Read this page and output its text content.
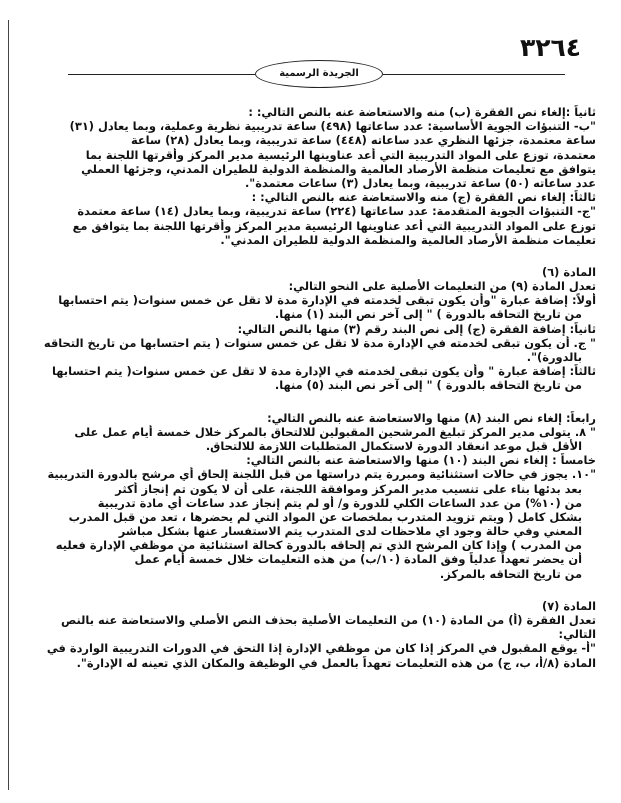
٣٢٦٤
الجريدة الرسمية
ثانياً :إلغاء نص الفقرة (ب) منه والاستعاضة عنه بالنص التالي: :
"ب- التنبؤات الجوية الأساسية: عدد ساعاتها (٤٩٨) ساعة تدريبية نظرية وعملية، وبما يعادل (٣١)
ساعة معتمدة، جزئها النظري عدد ساعاته (٤٤٨) ساعة تدريبية، وبما يعادل (٢٨) ساعة
معتمدة، توزع على المواد التدريبية التي أعد عناوينها الرئيسية مدير المركز وأقرتها اللجنة بما
يتوافق مع تعليمات منظمة الأرصاد العالمية والمنظمة الدولية للطيران المدني، وجزئها العملي
عدد ساعاته (٥٠) ساعة تدريبية، وبما يعادل (٣) ساعات معتمدة".
ثالثاً: إلغاء نص الفقرة (ج) منه والاستعاضة عنه بالنص التالي: :
"ج- التنبؤات الجوية المتقدمة: عدد ساعاتها (٢٢٤) ساعة تدريبية، وبما يعادل (١٤) ساعة معتمدة
توزع على المواد التدريبية التي أعد عناوينها الرئيسية مدير المركز وأقرتها اللجنة بما يتوافق مع
تعليمات منظمة الأرصاد العالمية والمنظمة الدولية للطيران المدني".
المادة (٦)
تعدل المادة (٩) من التعليمات الأصلية على النحو التالي:
أولاً: إضافة عبارة "وأن يكون تبقى لخدمته في الإدارة مدة لا تقل عن خمس سنوات( يتم احتسابها
من تاريخ التحاقه بالدورة ) " إلى آخر نص البند (١) منها.
ثانياً: إضافة الفقرة (ج) إلى نص البند رقم (٣) منها بالنص التالي:
" ج. أن يكون تبقى لخدمته في الإدارة مدة لا تقل عن خمس سنوات ( يتم احتسابها من تاريخ التحاقه
بالدورة)".
ثالثاً: إضافة عبارة " وأن يكون تبقى لخدمته في الإدارة مدة لا تقل عن خمس سنوات( يتم احتسابها
من تاريخ التحاقه بالدورة ) " إلى آخر نص البند (٥) منها.
رابعاً: إلغاء نص البند (٨) منها والاستعاضة عنه بالنص التالي:
" ٨. يتولى مدير المركز تبليغ المرشحين المقبولين للالتحاق بالمركز خلال خمسة أيام عمل على
الأقل قبل موعد انعقاد الدورة لاستكمال المتطلبات اللازمة للالتحاق.
خامساً : إلغاء نص البند (١٠) منها والاستعاضة عنه بالنص التالي:
"١٠. يجوز في حالات استثنائية ومبررة يتم دراستها من قبل اللجنة إلحاق أي مرشح بالدورة التدريبية
بعد بدئها بناء على تنسيب مدير المركز وموافقة اللجنة، على أن لا يكون تم إنجاز أكثر
من (١٠%) من عدد الساعات الكلي للدورة و/ أو لم يتم إنجاز عدد ساعات أي مادة تدريبية
بشكل كامل ( ويتم تزويد المتدرب بملخصات عن المواد التي لم يحضرها ، تعد من قبل المدرب
المعني وفي حالة وجود اي ملاحظات لدى المتدرب يتم الاستفسار عنها بشكل مباشر
من المدرب ) وإذا كان المرشح الذي تم إلحاقه بالدورة كحالة استثنائية من موظفي الإدارة فعليه
أن يحضر تعهداً عدلياً وفق المادة (١٠/ب) من هذه التعليمات خلال خمسة أيام عمل
من تاريخ التحاقه بالمركز.
المادة (٧)
تعدل الفقرة (أ) من المادة (١٠) من التعليمات الأصلية بحذف النص الأصلي والاستعاضة عنه بالنص
التالي:
"أ- يوقع المقبول في المركز إذا كان من موظفي الإدارة إذا التحق في الدورات التدريبية الواردة في
المادة (٨/أ، ب، ج) من هذه التعليمات تعهداً بالعمل في الوظيفة والمكان الذي تعينه له الإدارة".
